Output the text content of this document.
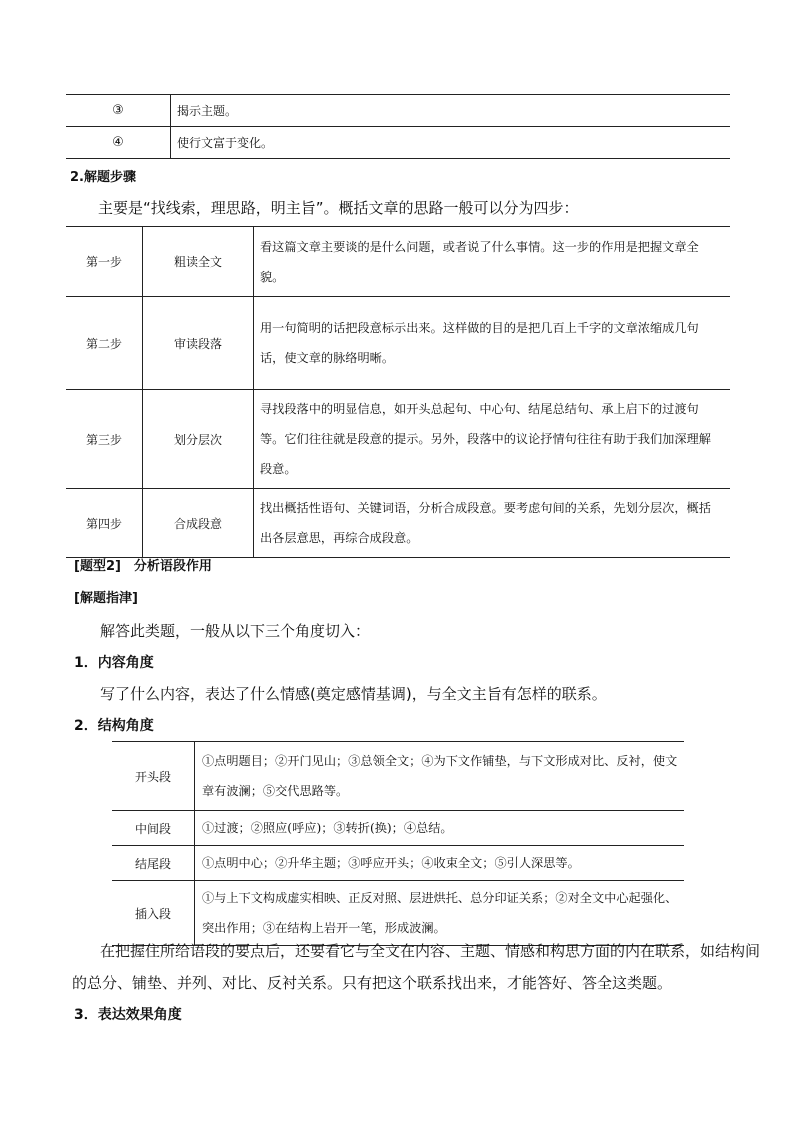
③	揭示主题。
④	使行文富于变化。
2.解题步骤
主要是“找线索，理思路，明主旨”。概括文章的思路一般可以分为四步：
第一步	粗读全文	看这篇文章主要谈的是什么问题，或者说了什么事情。这一步的作用是把握文章全貌。
第二步	审读段落	用一句简明的话把段意标示出来。这样做的目的是把几百上千字的文章浓缩成几句话，使文章的脉络明晰。
第三步	划分层次	寻找段落中的明显信息，如开头总起句、中心句、结尾总结句、承上启下的过渡句等。它们往往就是段意的提示。另外，段落中的议论抒情句往往有助于我们加深理解段意。
第四步	合成段意	找出概括性语句、关键词语，分析合成段意。要考虑句间的关系，先划分层次，概括出各层意思，再综合成段意。
[题型2]　分析语段作用
[解题指津]
解答此类题，一般从以下三个角度切入：
1．内容角度
写了什么内容，表达了什么情感(奠定感情基调)，与全文主旨有怎样的联系。
2．结构角度
开头段	①点明题目；②开门见山；③总领全文；④为下文作铺垫，与下文形成对比、反衬，使文章有波澜；⑤交代思路等。
中间段	①过渡；②照应(呼应)；③转折(换)；④总结。
结尾段	①点明中心；②升华主题；③呼应开头；④收束全文；⑤引人深思等。
插入段	①与上下文构成虚实相映、正反对照、层进烘托、总分印证关系；②对全文中心起强化、突出作用；③在结构上岩开一笔，形成波澜。
在把握住所给语段的要点后，还要看它与全文在内容、主题、情感和构思方面的内在联系，如结构间
的总分、铺垫、并列、对比、反衬关系。只有把这个联系找出来，才能答好、答全这类题。
3．表达效果角度
